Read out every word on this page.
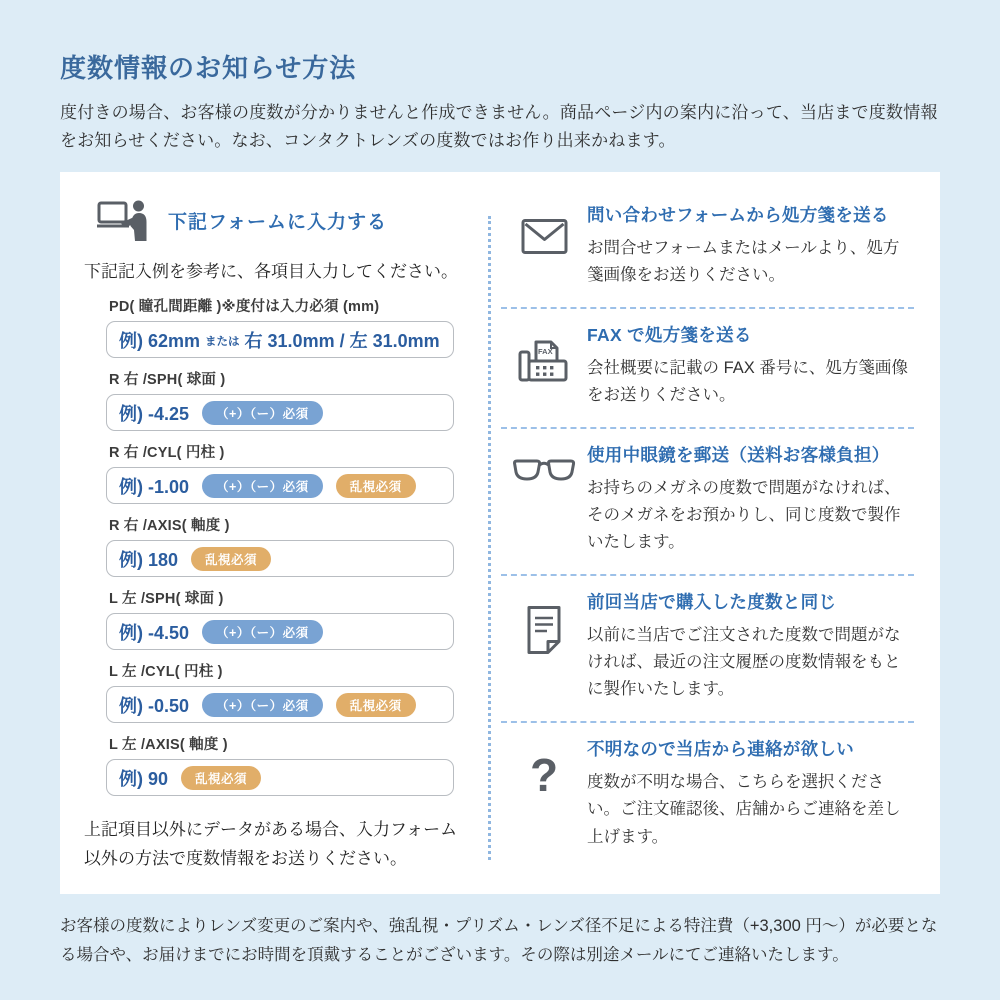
度数情報のお知らせ方法

度付きの場合、お客様の度数が分かりませんと作成できません。商品ページ内の案内に沿って、当店まで度数情報をお知らせください。なお、コンタクトレンズの度数ではお作り出来かねます。

下記フォームに入力する

下記記入例を参考に、各項目入力してください。

PD( 瞳孔間距離 )※度付は入力必須 (mm)
例) 62mm または 右 31.0mm / 左 31.0mm
R 右 /SPH( 球面 )
例) -4.25	（+）（ー）必須
R 右 /CYL( 円柱 )
例) -1.00	（+）（ー）必須	乱視必須
R 右 /AXIS( 軸度 )
例) 180	乱視必須
L 左 /SPH( 球面 )
例) -4.50	（+）（ー）必須
L 左 /CYL( 円柱 )
例) -0.50	（+）（ー）必須	乱視必須
L 左 /AXIS( 軸度 )
例) 90	乱視必須

上記項目以外にデータがある場合、入力フォーム以外の方法で度数情報をお送りください。

問い合わせフォームから処方箋を送る
お問合せフォームまたはメールより、処方箋画像をお送りください。
FAX
FAX で処方箋を送る
会社概要に記載の FAX 番号に、処方箋画像をお送りください。
使用中眼鏡を郵送（送料お客様負担）
お持ちのメガネの度数で問題がなければ、そのメガネをお預かりし、同じ度数で製作いたします。
前回当店で購入した度数と同じ
以前に当店でご注文された度数で問題がなければ、最近の注文履歴の度数情報をもとに製作いたします。
? 不明なので当店から連絡が欲しい
度数が不明な場合、こちらを選択ください。ご注文確認後、店舗からご連絡を差し上げます。

お客様の度数によりレンズ変更のご案内や、強乱視・プリズム・レンズ径不足による特注費（+3,300 円～）が必要となる場合や、お届けまでにお時間を頂戴することがございます。その際は別途メールにてご連絡いたします。
